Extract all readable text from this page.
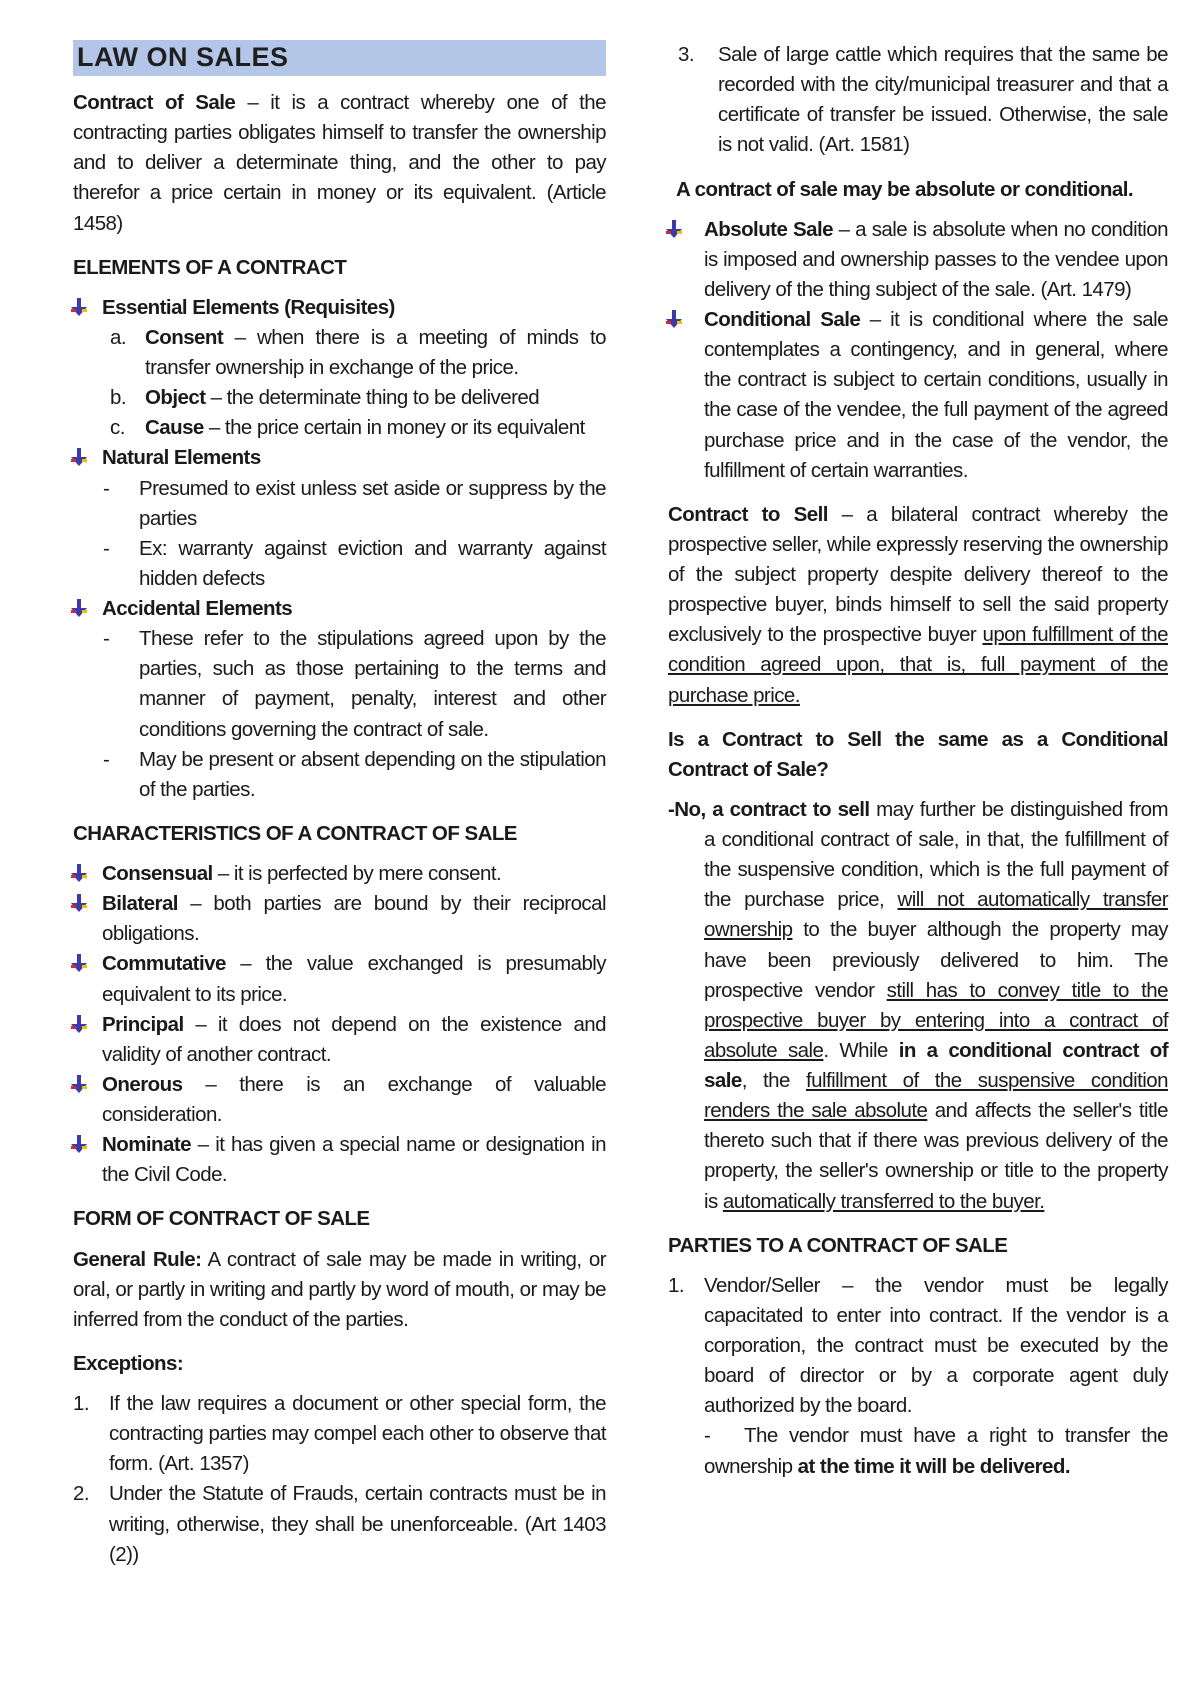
LAW ON SALES

Contract of Sale – it is a contract whereby one of the contracting parties obligates himself to transfer the ownership and to deliver a determinate thing, and the other to pay therefor a price certain in money or its equivalent. (Article 1458)

ELEMENTS OF A CONTRACT

Essential Elements (Requisites)
a. Consent – when there is a meeting of minds to transfer ownership in exchange of the price.
b. Object – the determinate thing to be delivered
c. Cause – the price certain in money or its equivalent
Natural Elements
- Presumed to exist unless set aside or suppress by the parties
- Ex: warranty against eviction and warranty against hidden defects
Accidental Elements
- These refer to the stipulations agreed upon by the parties, such as those pertaining to the terms and manner of payment, penalty, interest and other conditions governing the contract of sale.
- May be present or absent depending on the stipulation of the parties.

CHARACTERISTICS OF A CONTRACT OF SALE

Consensual – it is perfected by mere consent.
Bilateral – both parties are bound by their reciprocal obligations.
Commutative – the value exchanged is presumably equivalent to its price.
Principal – it does not depend on the existence and validity of another contract.
Onerous – there is an exchange of valuable consideration.
Nominate – it has given a special name or designation in the Civil Code.

FORM OF CONTRACT OF SALE

General Rule: A contract of sale may be made in writing, or oral, or partly in writing and partly by word of mouth, or may be inferred from the conduct of the parties.

Exceptions:

1. If the law requires a document or other special form, the contracting parties may compel each other to observe that form. (Art. 1357)
2. Under the Statute of Frauds, certain contracts must be in writing, otherwise, they shall be unenforceable. (Art 1403 (2))
3. Sale of large cattle which requires that the same be recorded with the city/municipal treasurer and that a certificate of transfer be issued. Otherwise, the sale is not valid. (Art. 1581)

A contract of sale may be absolute or conditional.

Absolute Sale – a sale is absolute when no condition is imposed and ownership passes to the vendee upon delivery of the thing subject of the sale. (Art. 1479)
Conditional Sale – it is conditional where the sale contemplates a contingency, and in general, where the contract is subject to certain conditions, usually in the case of the vendee, the full payment of the agreed purchase price and in the case of the vendor, the fulfillment of certain warranties.

Contract to Sell – a bilateral contract whereby the prospective seller, while expressly reserving the ownership of the subject property despite delivery thereof to the prospective buyer, binds himself to sell the said property exclusively to the prospective buyer upon fulfillment of the condition agreed upon, that is, full payment of the purchase price.

Is a Contract to Sell the same as a Conditional Contract of Sale?

-No, a contract to sell may further be distinguished from a conditional contract of sale, in that, the fulfillment of the suspensive condition, which is the full payment of the purchase price, will not automatically transfer ownership to the buyer although the property may have been previously delivered to him. The prospective vendor still has to convey title to the prospective buyer by entering into a contract of absolute sale. While in a conditional contract of sale, the fulfillment of the suspensive condition renders the sale absolute and affects the seller's title thereto such that if there was previous delivery of the property, the seller's ownership or title to the property is automatically transferred to the buyer.

PARTIES TO A CONTRACT OF SALE

1. Vendor/Seller – the vendor must be legally capacitated to enter into contract. If the vendor is a corporation, the contract must be executed by the board of director or by a corporate agent duly authorized by the board.
- The vendor must have a right to transfer the ownership at the time it will be delivered.
